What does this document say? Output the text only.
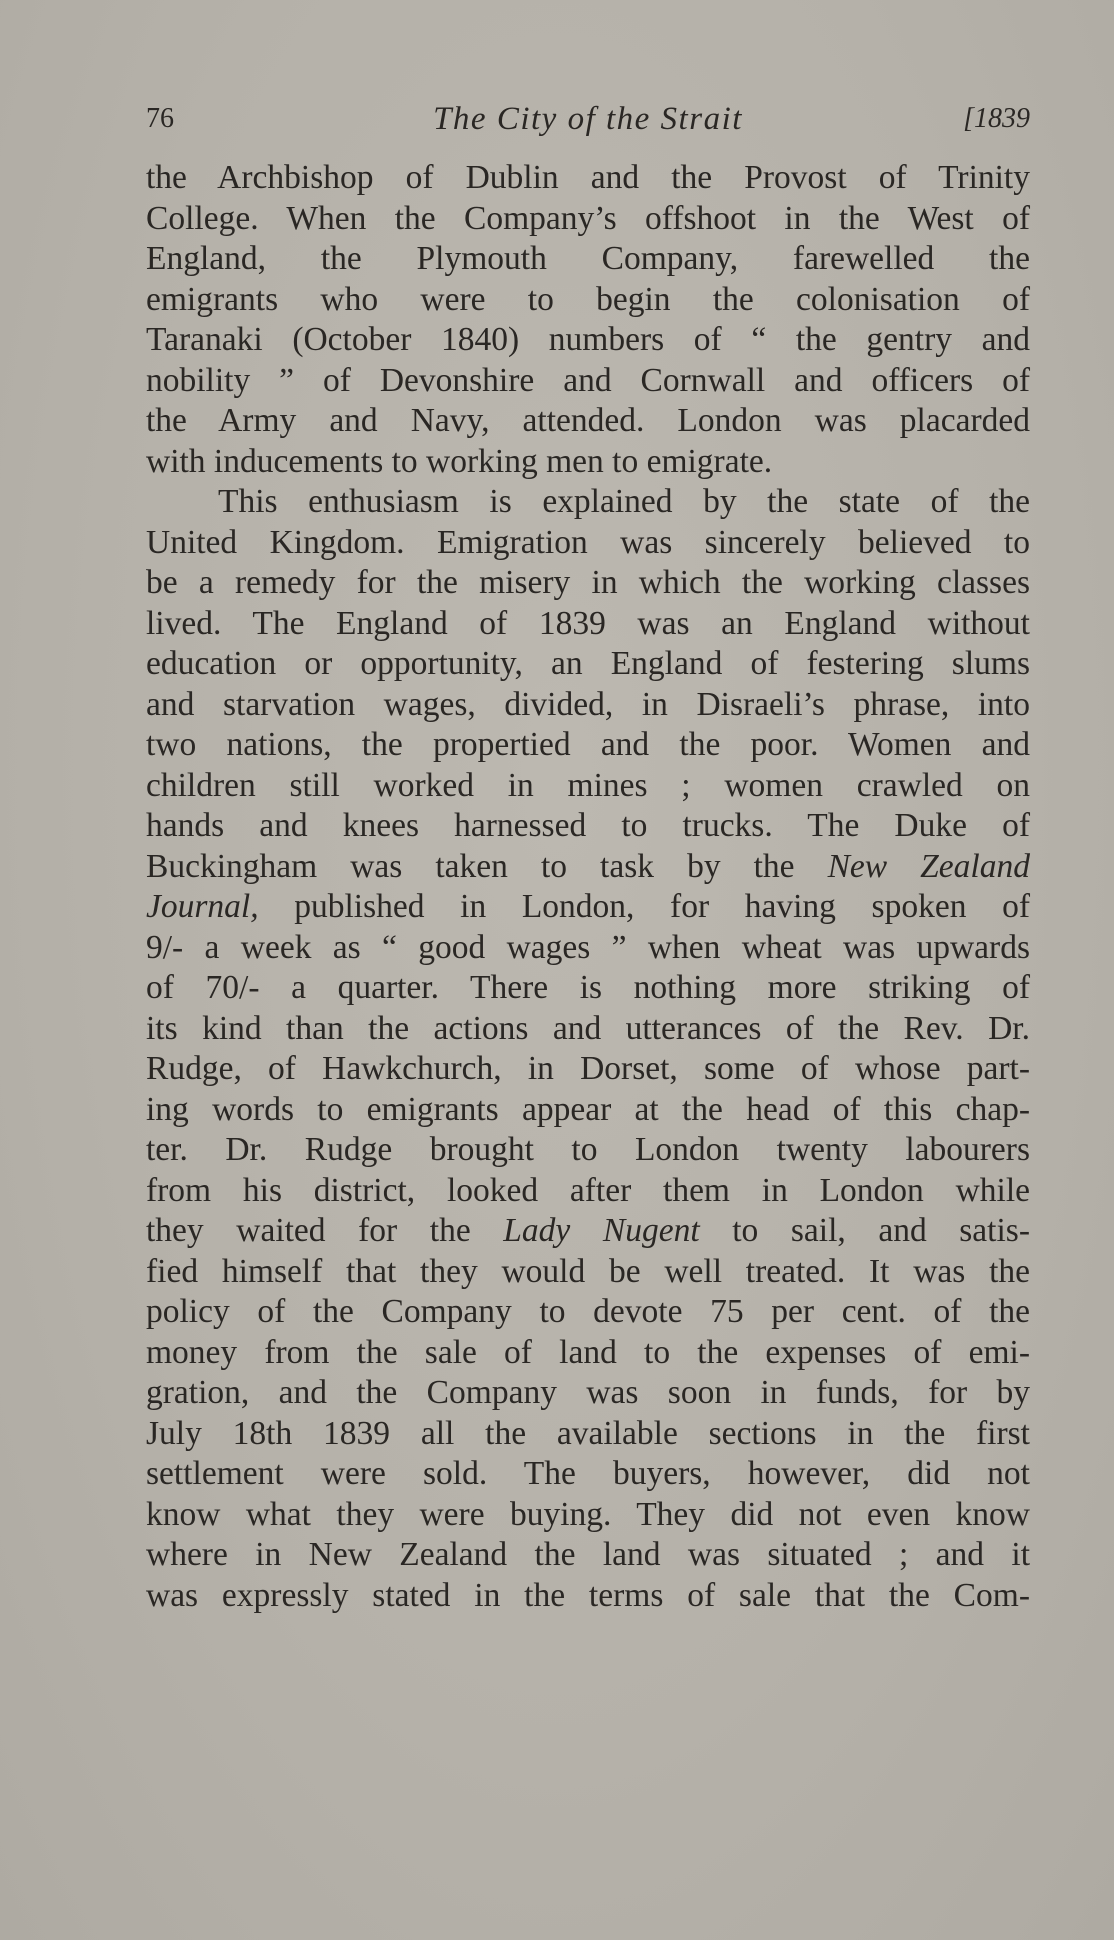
76	The City of the Strait	[1839
the Archbishop of Dublin and the Provost of Trinity
College. When the Company’s offshoot in the West of
England, the Plymouth Company, farewelled the
emigrants who were to begin the colonisation of
Taranaki (October 1840) numbers of “ the gentry and
nobility ” of Devonshire and Cornwall and officers of
the Army and Navy, attended. London was placarded
with inducements to working men to emigrate.
This enthusiasm is explained by the state of the
United Kingdom. Emigration was sincerely believed to
be a remedy for the misery in which the working classes
lived. The England of 1839 was an England without
education or opportunity, an England of festering slums
and starvation wages, divided, in Disraeli’s phrase, into
two nations, the propertied and the poor. Women and
children still worked in mines ; women crawled on
hands and knees harnessed to trucks. The Duke of
Buckingham was taken to task by the New Zealand
Journal, published in London, for having spoken of
9/- a week as “ good wages ” when wheat was upwards
of 70/- a quarter. There is nothing more striking of
its kind than the actions and utterances of the Rev. Dr.
Rudge, of Hawkchurch, in Dorset, some of whose part-
ing words to emigrants appear at the head of this chap-
ter. Dr. Rudge brought to London twenty labourers
from his district, looked after them in London while
they waited for the Lady Nugent to sail, and satis-
fied himself that they would be well treated. It was the
policy of the Company to devote 75 per cent. of the
money from the sale of land to the expenses of emi-
gration, and the Company was soon in funds, for by
July 18th 1839 all the available sections in the first
settlement were sold. The buyers, however, did not
know what they were buying. They did not even know
where in New Zealand the land was situated ; and it
was expressly stated in the terms of sale that the Com-
